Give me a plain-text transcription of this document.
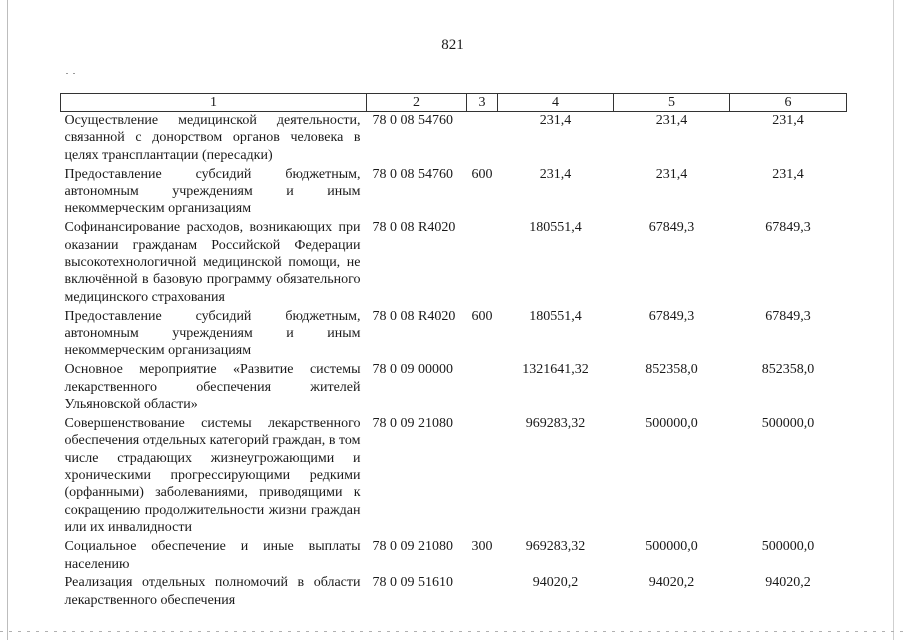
821
1	2	3	4	5	6
Осуществление медицинской деятельности, связанной с донорством органов человека в целях трансплантации (пересадки)	78 0 08 54760		231,4	231,4	231,4
Предоставление субсидий бюджетным, автономным учреждениям и иным некоммерческим организациям	78 0 08 54760	600	231,4	231,4	231,4
Софинансирование расходов, возникающих при оказании гражданам Российской Федерации высокотехнологичной медицинской помощи, не включённой в базовую программу обязательного медицинского страхования	78 0 08 R4020		180551,4	67849,3	67849,3
Предоставление субсидий бюджетным, автономным учреждениям и иным некоммерческим организациям	78 0 08 R4020	600	180551,4	67849,3	67849,3
Основное мероприятие «Развитие системы лекарственного обеспечения жителей Ульяновской области»	78 0 09 00000		1321641,32	852358,0	852358,0
Совершенствование системы лекарственного обеспечения отдельных категорий граждан, в том числе страдающих жизнеугрожающими и хроническими прогрессирующими редкими (орфанными) заболеваниями, приводящими к сокращению продолжительности жизни граждан или их инвалидности	78 0 09 21080		969283,32	500000,0	500000,0
Социальное обеспечение и иные выплаты населению	78 0 09 21080	300	969283,32	500000,0	500000,0
Реализация отдельных полномочий в области лекарственного обеспечения	78 0 09 51610		94020,2	94020,2	94020,2
